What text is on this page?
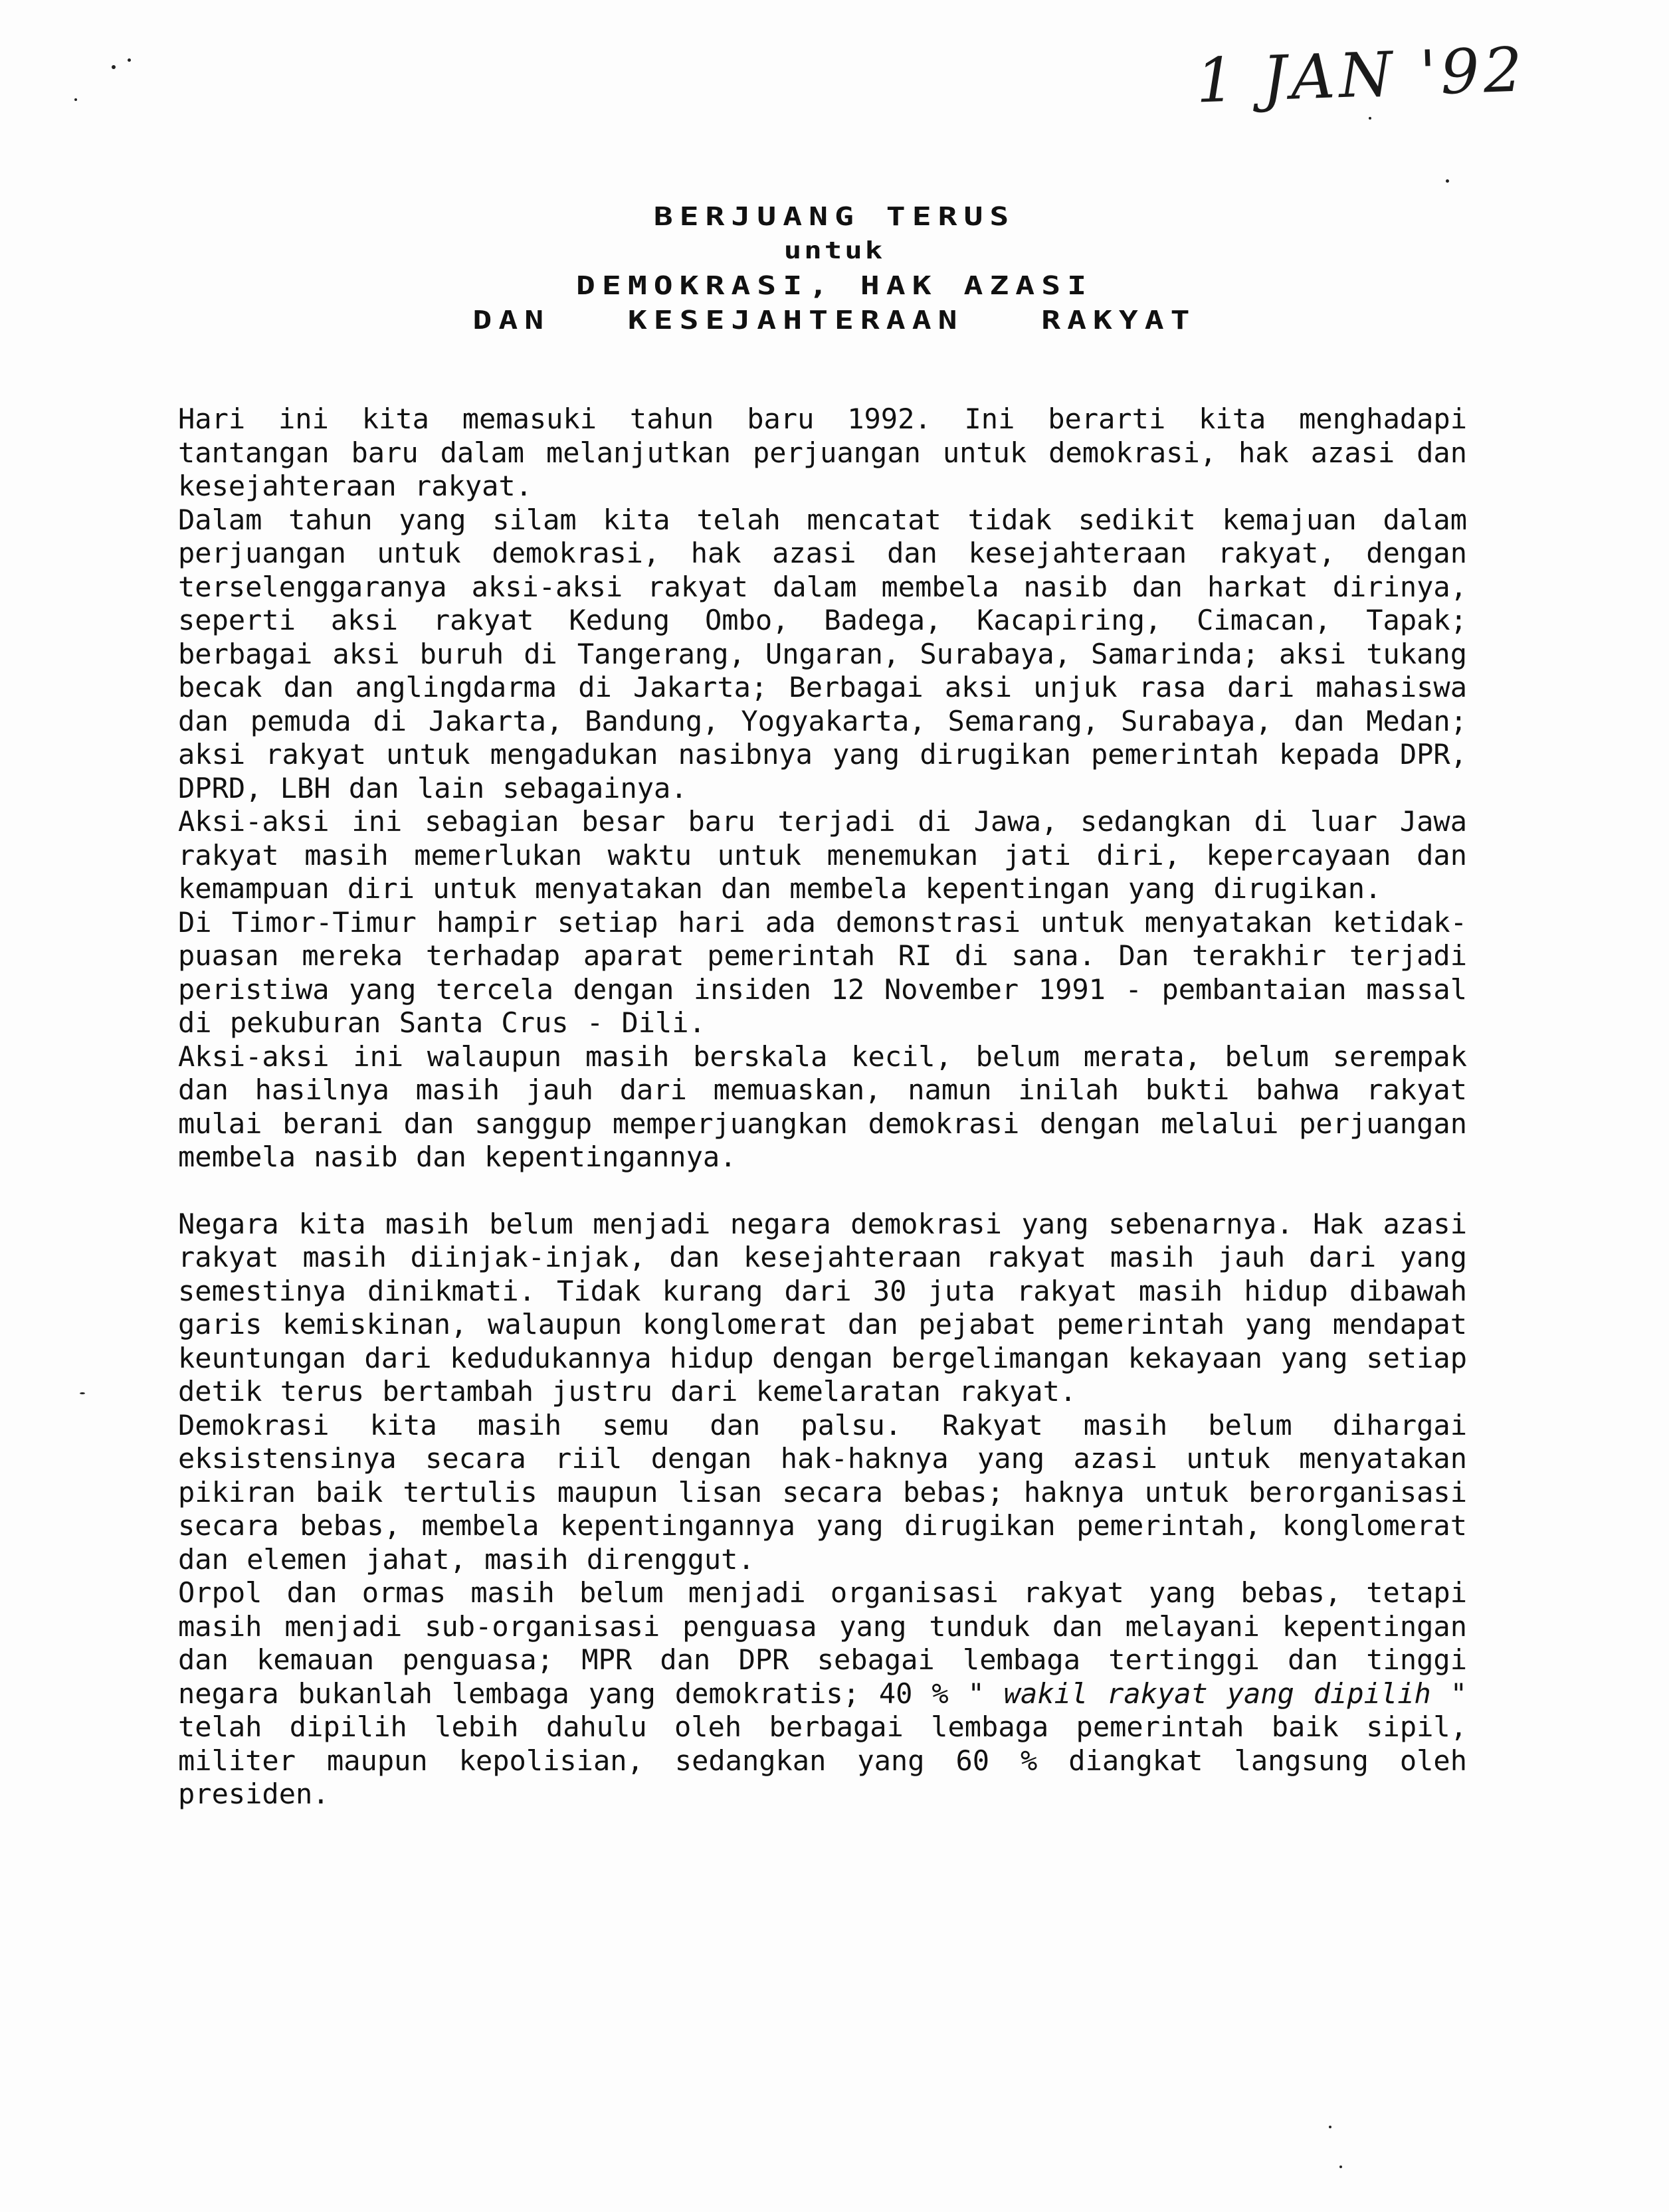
1 JAN '92
BERJUANG TERUS
untuk
DEMOKRASI, HAK AZASI
DAN   KESEJAHTERAAN   RAKYAT

Hari ini kita memasuki tahun baru 1992. Ini berarti kita menghadapi tantangan baru dalam melanjutkan perjuangan untuk demokrasi, hak azasi dan kesejahteraan rakyat.

Dalam tahun yang silam kita telah mencatat tidak sedikit kemajuan dalam perjuangan untuk demokrasi, hak azasi dan kesejahteraan rakyat, dengan terselenggaranya aksi-aksi rakyat dalam membela nasib dan harkat dirinya, seperti aksi rakyat Kedung Ombo, Badega, Kacapiring, Cimacan, Tapak; berbagai aksi buruh di Tangerang, Ungaran, Surabaya, Samarinda; aksi tukang becak dan anglingdarma di Jakarta; Berbagai aksi unjuk rasa dari mahasiswa dan pemuda di Jakarta, Bandung, Yogyakarta, Semarang, Surabaya, dan Medan; aksi rakyat untuk mengadukan nasibnya yang dirugikan pemerintah kepada DPR, DPRD, LBH dan lain sebagainya.

Aksi-aksi ini sebagian besar baru terjadi di Jawa, sedangkan di luar Jawa rakyat masih memerlukan waktu untuk menemukan jati diri, kepercayaan dan kemampuan diri untuk menyatakan dan membela kepentingan yang dirugikan.

Di Timor-Timur hampir setiap hari ada demonstrasi untuk menyatakan ketidak-puasan mereka terhadap aparat pemerintah RI di sana. Dan terakhir terjadi peristiwa yang tercela dengan insiden 12 November 1991 - pembantaian massal di pekuburan Santa Crus - Dili.

Aksi-aksi ini walaupun masih berskala kecil, belum merata, belum serempak dan hasilnya masih jauh dari memuaskan, namun inilah bukti bahwa rakyat mulai berani dan sanggup memperjuangkan demokrasi dengan melalui perjuangan membela nasib dan kepentingannya.

Negara kita masih belum menjadi negara demokrasi yang sebenarnya. Hak azasi rakyat masih diinjak-injak, dan kesejahteraan rakyat masih jauh dari yang semestinya dinikmati. Tidak kurang dari 30 juta rakyat masih hidup dibawah garis kemiskinan, walaupun konglomerat dan pejabat pemerintah yang mendapat keuntungan dari kedudukannya hidup dengan bergelimangan kekayaan yang setiap detik terus bertambah justru dari kemelaratan rakyat.

Demokrasi kita masih semu dan palsu. Rakyat masih belum dihargai eksistensinya secara riil dengan hak-haknya yang azasi untuk menyatakan pikiran baik tertulis maupun lisan secara bebas; haknya untuk berorganisasi secara bebas, membela kepentingannya yang dirugikan pemerintah, konglomerat dan elemen jahat, masih direnggut.

Orpol dan ormas masih belum menjadi organisasi rakyat yang bebas, tetapi masih menjadi sub-organisasi penguasa yang tunduk dan melayani kepentingan dan kemauan penguasa; MPR dan DPR sebagai lembaga tertinggi dan tinggi negara bukanlah lembaga yang demokratis; 40 % " wakil rakyat yang dipilih " telah dipilih lebih dahulu oleh berbagai lembaga pemerintah baik sipil, militer maupun kepolisian, sedangkan yang 60 % diangkat langsung oleh presiden.
